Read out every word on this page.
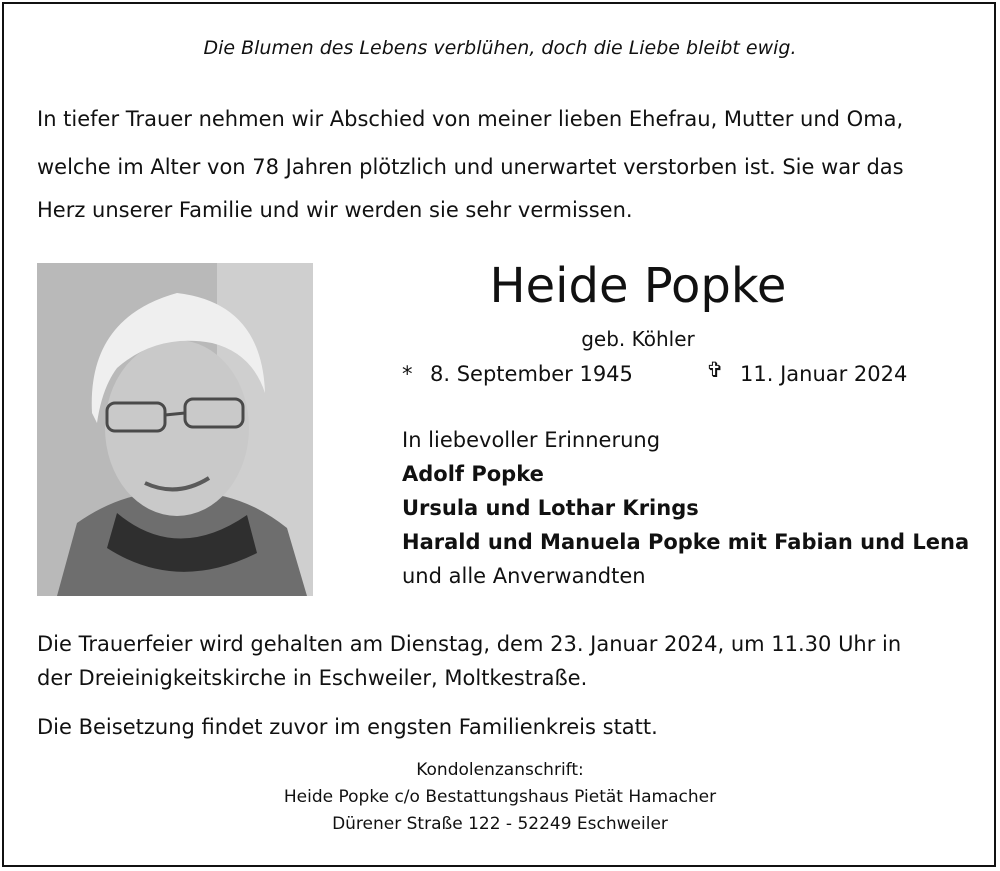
Die Blumen des Lebens verblühen, doch die Liebe bleibt ewig.
In tiefer Trauer nehmen wir Abschied von meiner lieben Ehefrau, Mutter und Oma,
welche im Alter von 78 Jahren plötzlich und unerwartet verstorben ist. Sie war das
Herz unserer Familie und wir werden sie sehr vermissen.
Heide Popke
geb. Köhler
* 8. September 1945	✞ 11. Januar 2024
In liebevoller Erinnerung
Adolf Popke
Ursula und Lothar Krings
Harald und Manuela Popke mit Fabian und Lena
und alle Anverwandten
Die Trauerfeier wird gehalten am Dienstag, dem 23. Januar 2024, um 11.30 Uhr in
der Dreieinigkeitskirche in Eschweiler, Moltkestraße.
Die Beisetzung findet zuvor im engsten Familienkreis statt.
Kondolenzanschrift:
Heide Popke c/o Bestattungshaus Pietät Hamacher
Dürener Straße 122 - 52249 Eschweiler
